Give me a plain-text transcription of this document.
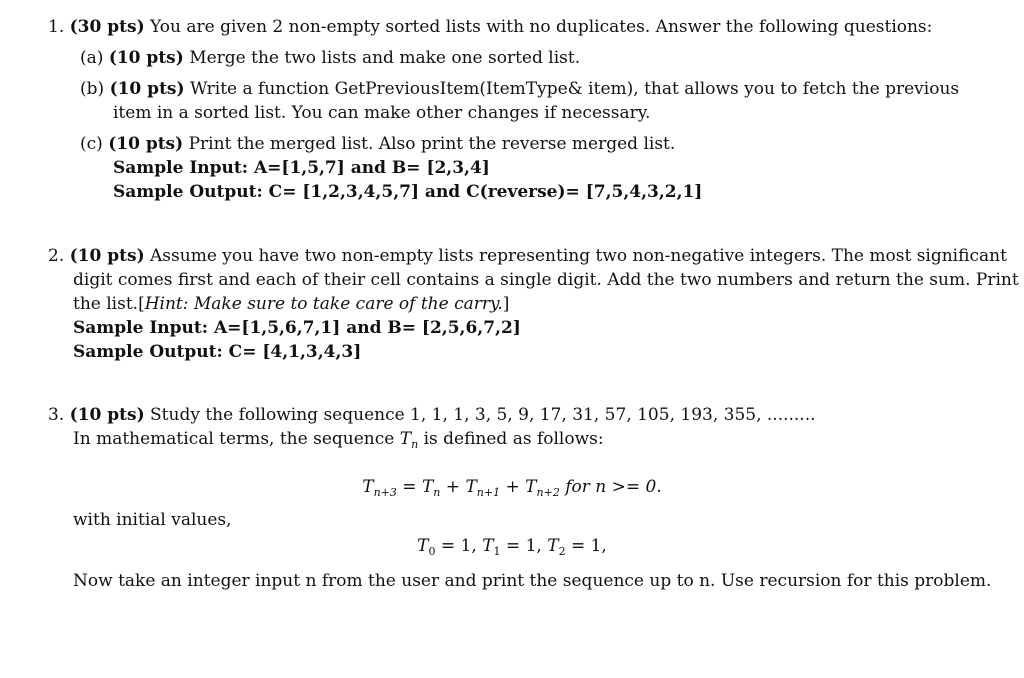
1. (30 pts) You are given 2 non-empty sorted lists with no duplicates. Answer the following questions:
(a) (10 pts) Merge the two lists and make one sorted list.
(b) (10 pts) Write a function GetPreviousItem(ItemType& item), that allows you to fetch the previous
item in a sorted list. You can make other changes if necessary.
(c) (10 pts) Print the merged list. Also print the reverse merged list.
Sample Input: A=[1,5,7] and B= [2,3,4]
Sample Output: C= [1,2,3,4,5,7] and C(reverse)= [7,5,4,3,2,1]
2. (10 pts) Assume you have two non-empty lists representing two non-negative integers. The most significant
digit comes first and each of their cell contains a single digit. Add the two numbers and return the sum. Print
the list.[Hint: Make sure to take care of the carry.]
Sample Input: A=[1,5,6,7,1] and B= [2,5,6,7,2]
Sample Output: C= [4,1,3,4,3]
3. (10 pts) Study the following sequence 1, 1, 1, 3, 5, 9, 17, 31, 57, 105, 193, 355, .........
In mathematical terms, the sequence $T_n$ is defined as follows:
$T_{n+3} = T_n + T_{n+1} + T_{n+2}$ for n >= 0.
with initial values,
$T_0 = 1$, $T_1 = 1$, $T_2 = 1$,
Now take an integer input n from the user and print the sequence up to n. Use recursion for this problem.
